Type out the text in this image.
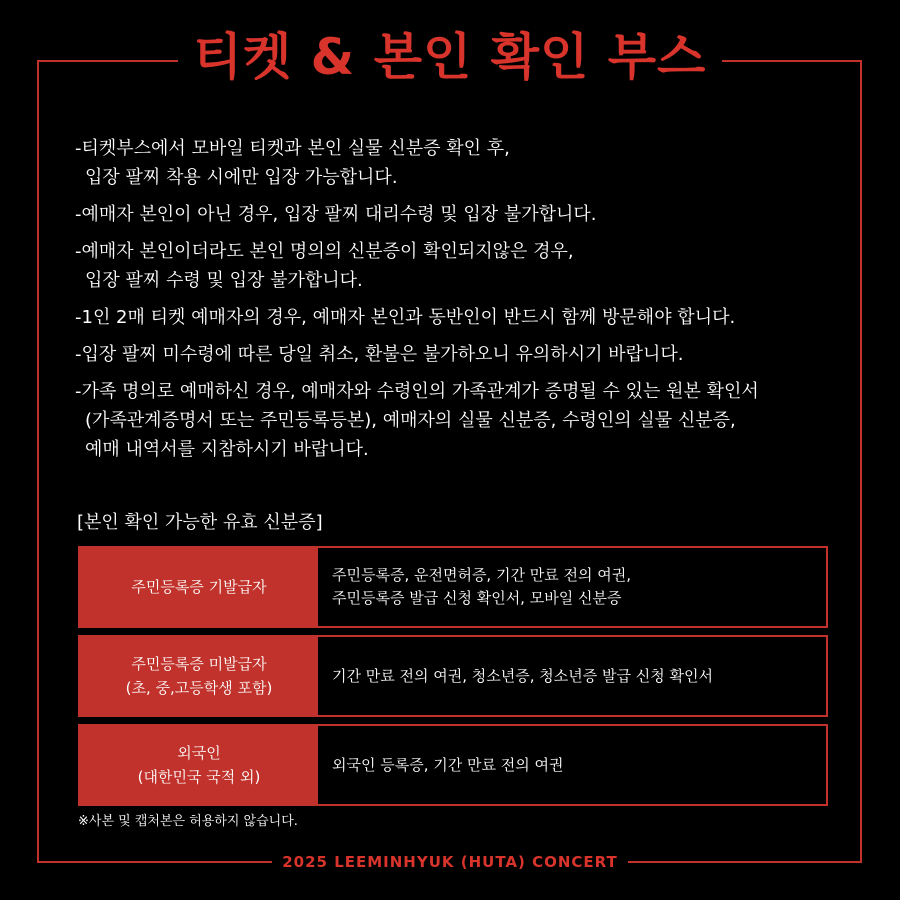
티켓 & 본인 확인 부스
-티켓부스에서 모바일 티켓과 본인 실물 신분증 확인 후,
입장 팔찌 착용 시에만 입장 가능합니다.
-예매자 본인이 아닌 경우, 입장 팔찌 대리수령 및 입장 불가합니다.
-예매자 본인이더라도 본인 명의의 신분증이 확인되지않은 경우,
입장 팔찌 수령 및 입장 불가합니다.
-1인 2매 티켓 예매자의 경우, 예매자 본인과 동반인이 반드시 함께 방문해야 합니다.
-입장 팔찌 미수령에 따른 당일 취소, 환불은 불가하오니 유의하시기 바랍니다.
-가족 명의로 예매하신 경우, 예매자와 수령인의 가족관계가 증명될 수 있는 원본 확인서
(가족관계증명서 또는 주민등록등본), 예매자의 실물 신분증, 수령인의 실물 신분증,
예매 내역서를 지참하시기 바랍니다.
[본인 확인 가능한 유효 신분증]
주민등록증 기발급자
주민등록증, 운전면허증, 기간 만료 전의 여권,
주민등록증 발급 신청 확인서, 모바일 신분증
주민등록증 미발급자
(초, 중,고등학생 포함)
기간 만료 전의 여권, 청소년증, 청소년증 발급 신청 확인서
외국인
(대한민국 국적 외)
외국인 등록증, 기간 만료 전의 여권
※사본 및 캡처본은 허용하지 않습니다.
2025 LEEMINHYUK (HUTA) CONCERT
